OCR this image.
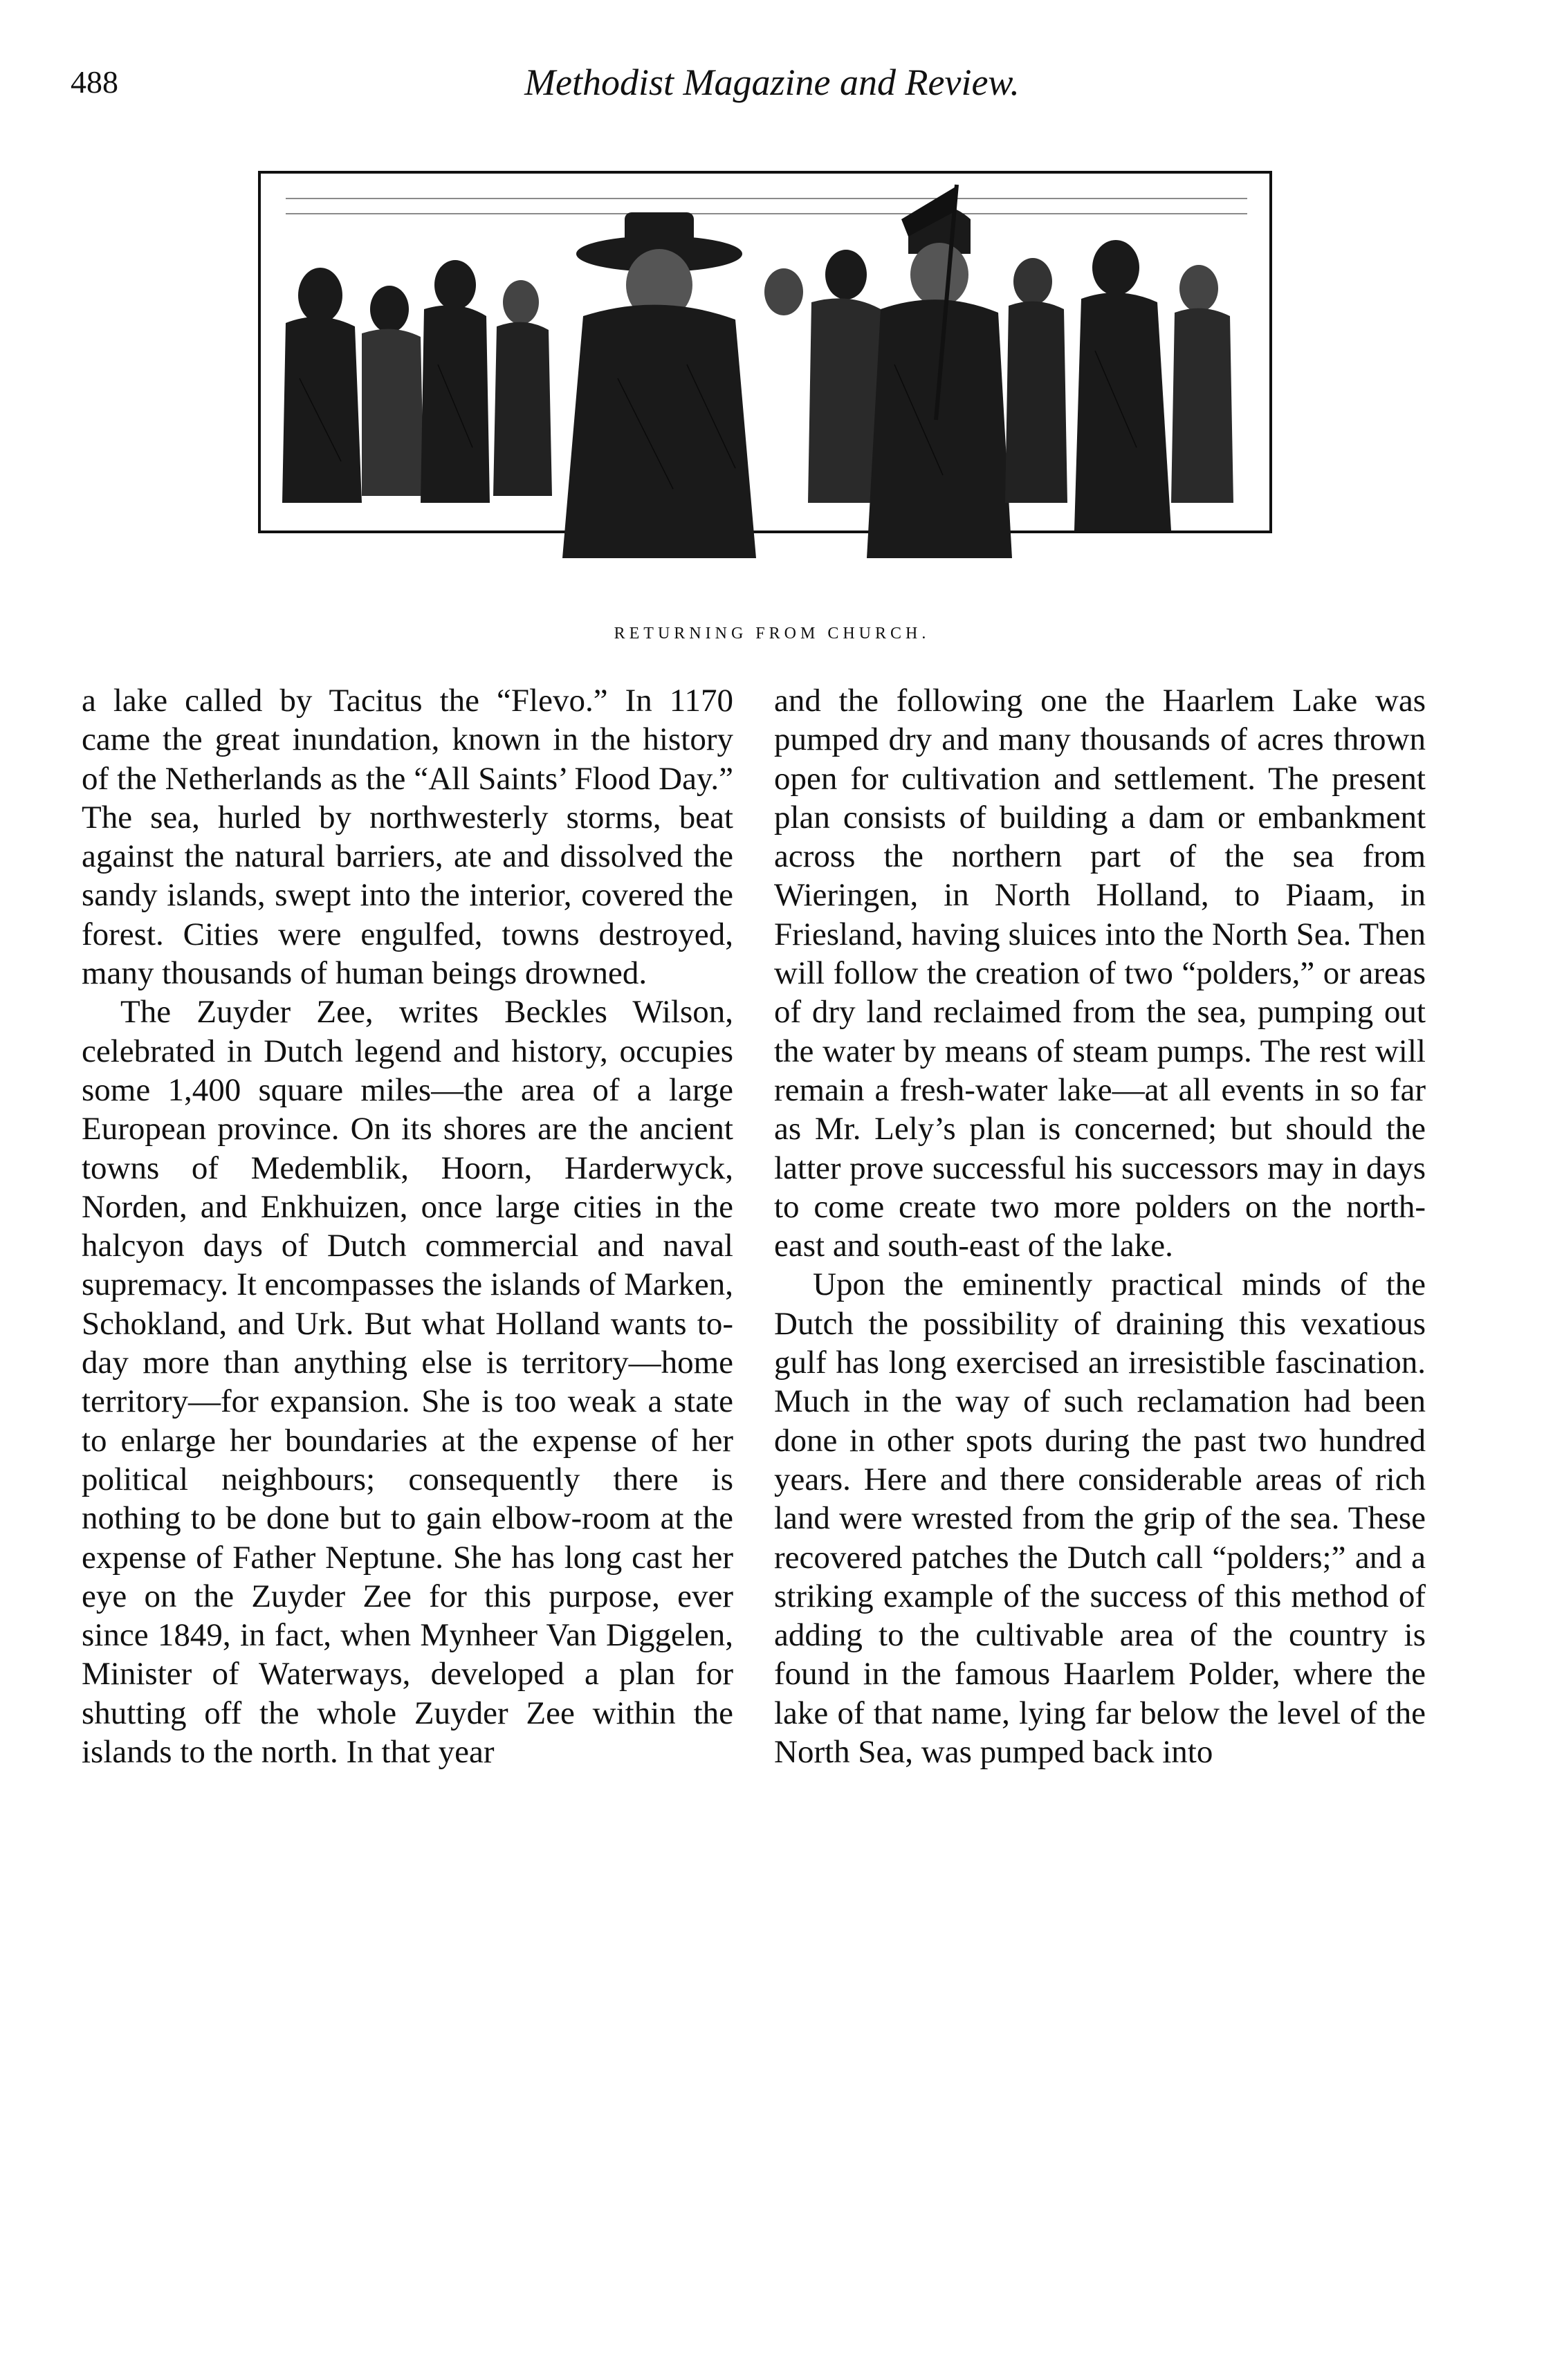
488	Methodist Magazine and Review.
RETURNING FROM CHURCH.

a lake called by Tacitus the “Flevo.” In 1170 came the great inundation, known in the history of the Netherlands as the “All Saints’ Flood Day.” The sea, hurled by northwesterly storms, beat against the natural barriers, ate and dissolved the sandy islands, swept into the interior, covered the forest. Cities were engulfed, towns destroyed, many thousands of human beings drowned.

The Zuyder Zee, writes Beckles Wilson, celebrated in Dutch legend and history, occupies some 1,400 square miles—the area of a large European province. On its shores are the ancient towns of Medemblik, Hoorn, Harderwyck, Norden, and Enkhuizen, once large cities in the halcyon days of Dutch commercial and naval supremacy. It encompasses the islands of Marken, Schokland, and Urk. But what Holland wants to-day more than anything else is territory—home territory—for expansion. She is too weak a state to enlarge her boundaries at the expense of her political neighbours; consequently there is nothing to be done but to gain elbow-room at the expense of Father Neptune. She has long cast her eye on the Zuyder Zee for this purpose, ever since 1849, in fact, when Mynheer Van Diggelen, Minister of Waterways, developed a plan for shutting off the whole Zuyder Zee within the islands to the north. In that year

and the following one the Haarlem Lake was pumped dry and many thousands of acres thrown open for cultivation and settlement. The present plan consists of building a dam or embankment across the northern part of the sea from Wieringen, in North Holland, to Piaam, in Friesland, having sluices into the North Sea. Then will follow the creation of two “polders,” or areas of dry land reclaimed from the sea, pumping out the water by means of steam pumps. The rest will remain a fresh-water lake—at all events in so far as Mr. Lely’s plan is concerned; but should the latter prove successful his successors may in days to come create two more polders on the north-east and south-east of the lake.

Upon the eminently practical minds of the Dutch the possibility of draining this vexatious gulf has long exercised an irresistible fascination. Much in the way of such reclamation had been done in other spots during the past two hundred years. Here and there considerable areas of rich land were wrested from the grip of the sea. These recovered patches the Dutch call “polders;” and a striking example of the success of this method of adding to the cultivable area of the country is found in the famous Haarlem Polder, where the lake of that name, lying far below the level of the North Sea, was pumped back into
